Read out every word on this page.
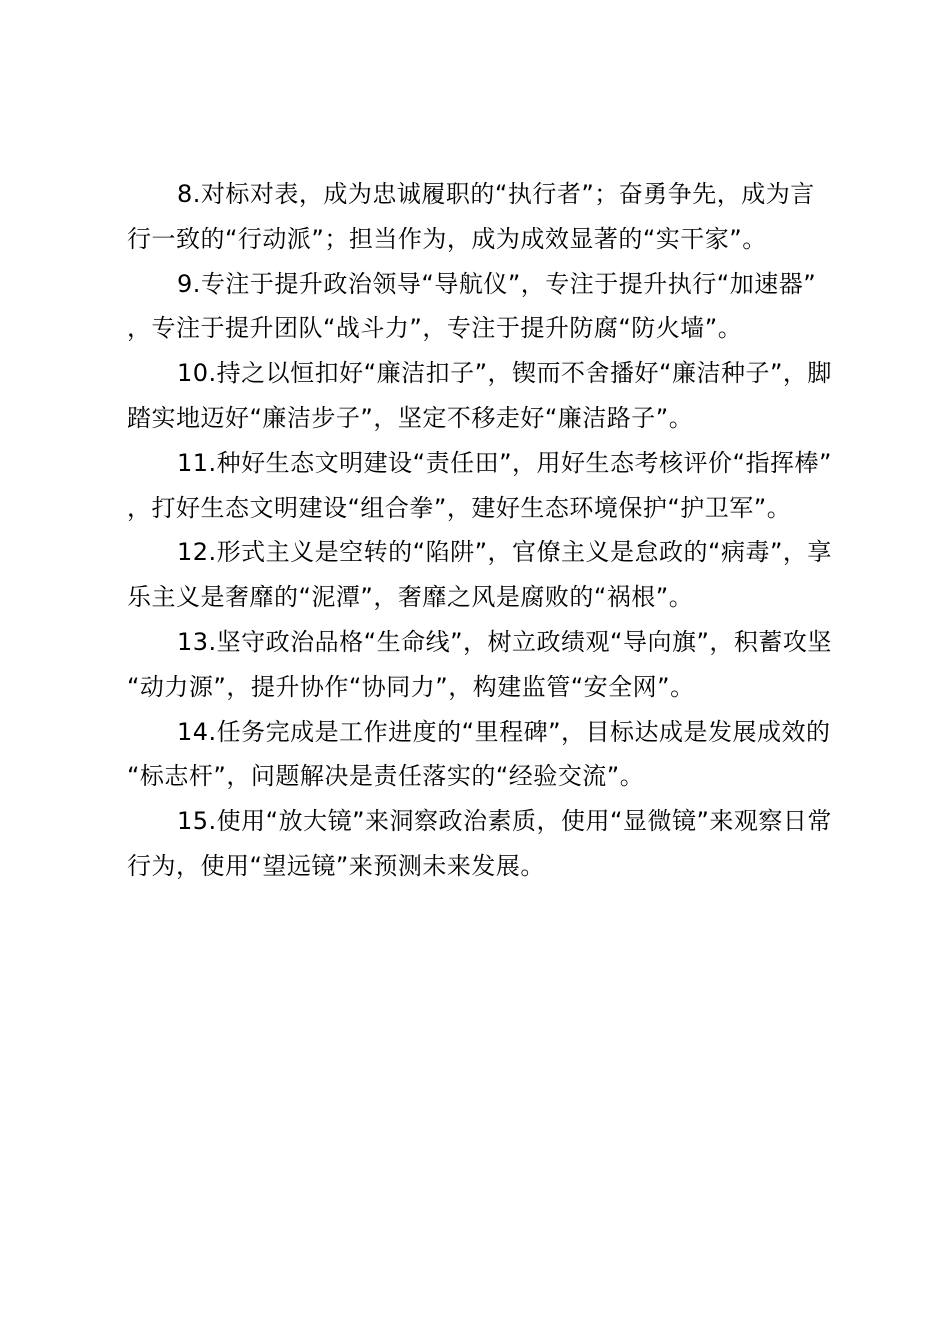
8.对标对表，成为忠诚履职的“执行者”；奋勇争先，成为言行一致的“行动派”；担当作为，成为成效显著的“实干家”。

9.专注于提升政治领导“导航仪”，专注于提升执行“加速器”，专注于提升团队“战斗力”，专注于提升防腐“防火墙”。

10.持之以恒扣好“廉洁扣子”，锲而不舍播好“廉洁种子”，脚踏实地迈好“廉洁步子”，坚定不移走好“廉洁路子”。

11.种好生态文明建设“责任田”，用好生态考核评价“指挥棒”，打好生态文明建设“组合拳”，建好生态环境保护“护卫军”。

12.形式主义是空转的“陷阱”，官僚主义是怠政的“病毒”，享乐主义是奢靡的“泥潭”，奢靡之风是腐败的“祸根”。

13.坚守政治品格“生命线”，树立政绩观“导向旗”，积蓄攻坚“动力源”，提升协作“协同力”，构建监管“安全网”。

14.任务完成是工作进度的“里程碑”，目标达成是发展成效的“标志杆”，问题解决是责任落实的“经验交流”。

15.使用“放大镜”来洞察政治素质，使用“显微镜”来观察日常行为，使用“望远镜”来预测未来发展。
